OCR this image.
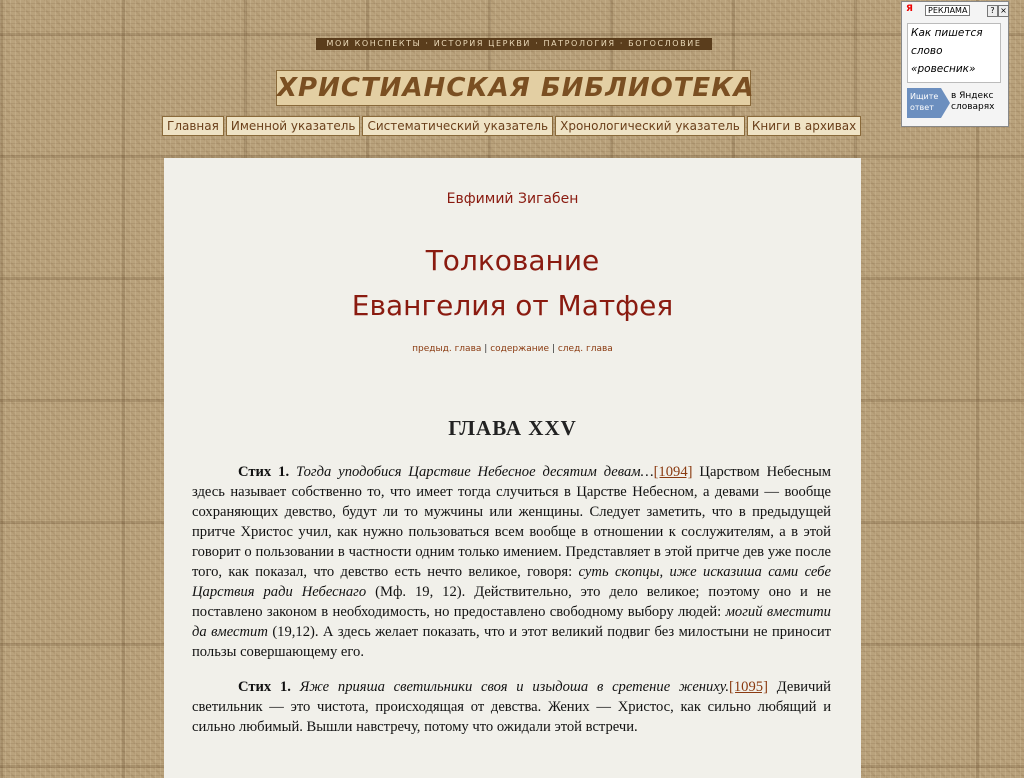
МОИ КОНСПЕКТЫ · ИСТОРИЯ ЦЕРКВИ · ПАТРОЛОГИЯ · БОГОСЛОВИЕ
ХРИСТИАНСКАЯ БИБЛИОТЕКА
Главная	Именной указатель	Систематический указатель	Хронологический указатель	Книги в архивах
Евфимий Зигабен
Толкование
Евангелия от Матфея
предыд. глава | содержание | след. глава
ГЛАВА XXV

Стих 1. Тогда уподобися Царствие Небесное десятим девам…[1094] Царством Небесным здесь называет собственно то, что имеет тогда случиться в Царстве Небесном, а девами — вообще сохраняющих девство, будут ли то мужчины или женщины. Следует заметить, что в предыдущей притче Христос учил, как нужно пользоваться всем вообще в отношении к сослужителям, а в этой говорит о пользовании в частности одним только имением. Представляет в этой притче дев уже после того, как показал, что девство есть нечто великое, говоря: суть скопцы, иже исказиша сами себе Царствия ради Небеснаго (Мф. 19, 12). Действительно, это дело великое; поэтому оно и не поставлено законом в необходимость, но предоставлено свободному выбору людей: могий вместити да вместит (19,12). А здесь желает показать, что и этот великий подвиг без милостыни не приносит пользы совершающему его.

Стих 1. Яже прияша светильники своя и изыдоша в сретение жениху.[1095] Девичий светильник — это чистота, происходящая от девства. Жених — Христос, как сильно любящий и сильно любимый. Вышли навстречу, потому что ожидали этой встречи.

Я	РЕКЛАМА	? ×
Как пишется
слово
«ровесник»
Ищите
ответ
в Яндекс
словарях
